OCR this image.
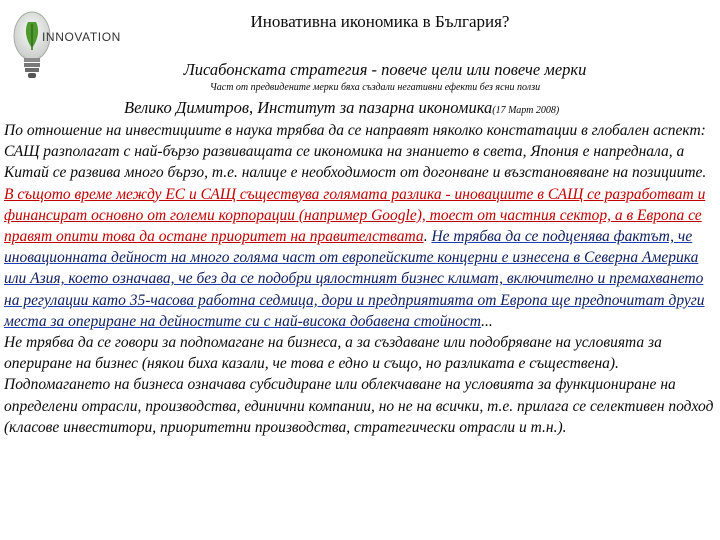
INNOVATION
Иновативна икономика в България?
Лисабонската стратегия - повече цели или повече мерки
Част от предвидените мерки бяха създали негативни ефекти без ясни ползи
Велико Димитров, Институт за пазарна икономика(17 Март 2008)
По отношение на инвестициите в наука трябва да се направят няколко констатации в глобален аспект: САЩ разполагат с най-бързо развиващата се икономика на знанието в света, Япония е напреднала, а Китай се развива много бързо, т.е. налице е необходимост от догонване и възстановяване на позициите. В същото време между ЕС и САЩ съществува голямата разлика - иновациите в САЩ се разработват и финансират основно от големи корпорации (например Google), тоест от частния сектор, а в Европа се правят опити това да остане приоритет на правителствата. Не трябва да се подценява фактът, че иновационната дейност на много голяма част от европейските концерни е изнесена в Северна Америка или Азия, което означава, че без да се подобри цялостният бизнес климат, включително и премахването на регулации като 35-часова работна седмица, дори и предприятията от Европа ще предпочитат други места за опериране на дейностите си с най-висока добавена стойност...
Не трябва да се говори за подпомагане на бизнеса, а за създаване или подобряване на условията за опериране на бизнес (някои биха казали, че това е едно и също, но разликата е съществена). Подпомагането на бизнеса означава субсидиране или облекчаване на условията за функциониране на определени отрасли, производства, единични компании, но не на всички, т.е. прилага се селективен подход (класове инвеститори, приоритетни производства, стратегически отрасли и т.н.).
